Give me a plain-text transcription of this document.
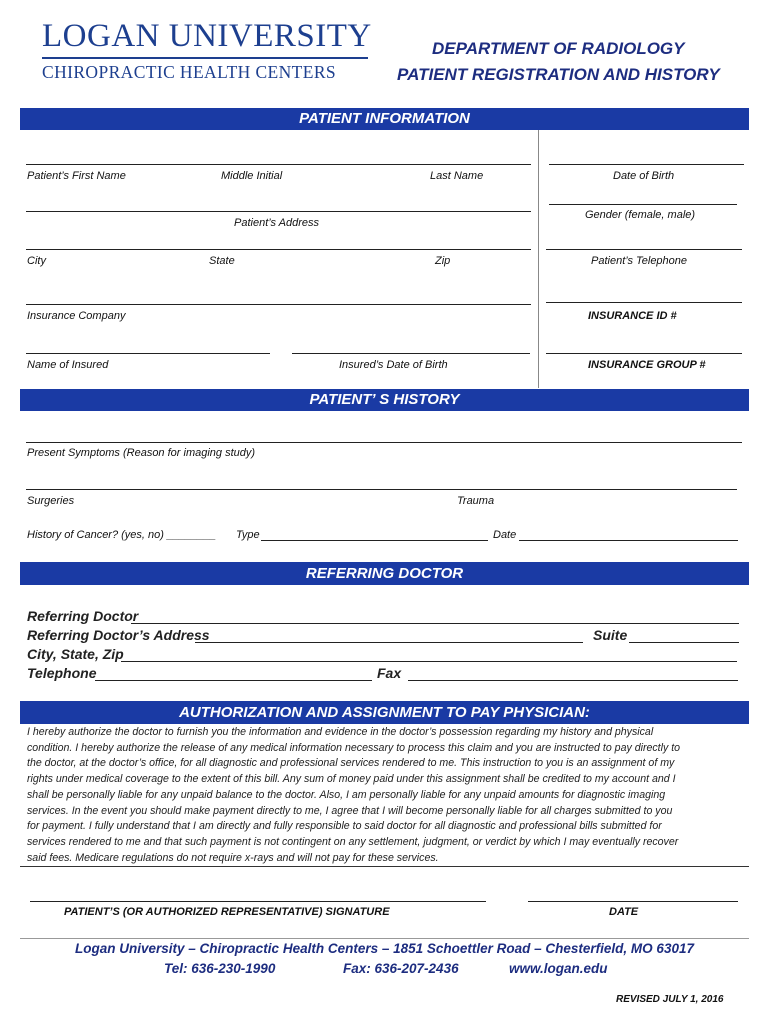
LOGAN UNIVERSITY
CHIROPRACTIC HEALTH CENTERS
DEPARTMENT OF RADIOLOGY
PATIENT REGISTRATION AND HISTORY
PATIENT INFORMATION
Patient’s First Name	Middle Initial	Last Name	Date of Birth
Gender (female, male)
Patient’s Address
City	State	Zip	Patient’s Telephone
Insurance Company	INSURANCE ID #
Name of Insured	Insured’s Date of Birth	INSURANCE GROUP #
PATIENT’ S HISTORY
Present Symptoms (Reason for imaging study)
Surgeries	Trauma
History of Cancer? (yes, no) ________ Type	Date
REFERRING DOCTOR
Referring Doctor
Referring Doctor’s Address	Suite
City, State, Zip
Telephone	Fax
AUTHORIZATION AND ASSIGNMENT TO PAY PHYSICIAN:
I hereby authorize the doctor to furnish you the information and evidence in the doctor’s possession regarding my history and physical
condition. I hereby authorize the release of any medical information necessary to process this claim and you are instructed to pay directly to
the doctor, at the doctor’s office, for all diagnostic and professional services rendered to me. This instruction to you is an assignment of my
rights under medical coverage to the extent of this bill. Any sum of money paid under this assignment shall be credited to my account and I
shall be personally liable for any unpaid balance to the doctor. Also, I am personally liable for any unpaid amounts for diagnostic imaging
services. In the event you should make payment directly to me, I agree that I will become personally liable for all charges submitted to you
for payment. I fully understand that I am directly and fully responsible to said doctor for all diagnostic and professional bills submitted for
services rendered to me and that such payment is not contingent on any settlement, judgment, or verdict by which I may eventually recover
said fees. Medicare regulations do not require x-rays and will not pay for these services.
PATIENT’S (OR AUTHORIZED REPRESENTATIVE) SIGNATURE	DATE
Logan University – Chiropractic Health Centers – 1851 Schoettler Road – Chesterfield, MO 63017
Tel: 636-230-1990	Fax: 636-207-2436	www.logan.edu
REVISED JULY 1, 2016
